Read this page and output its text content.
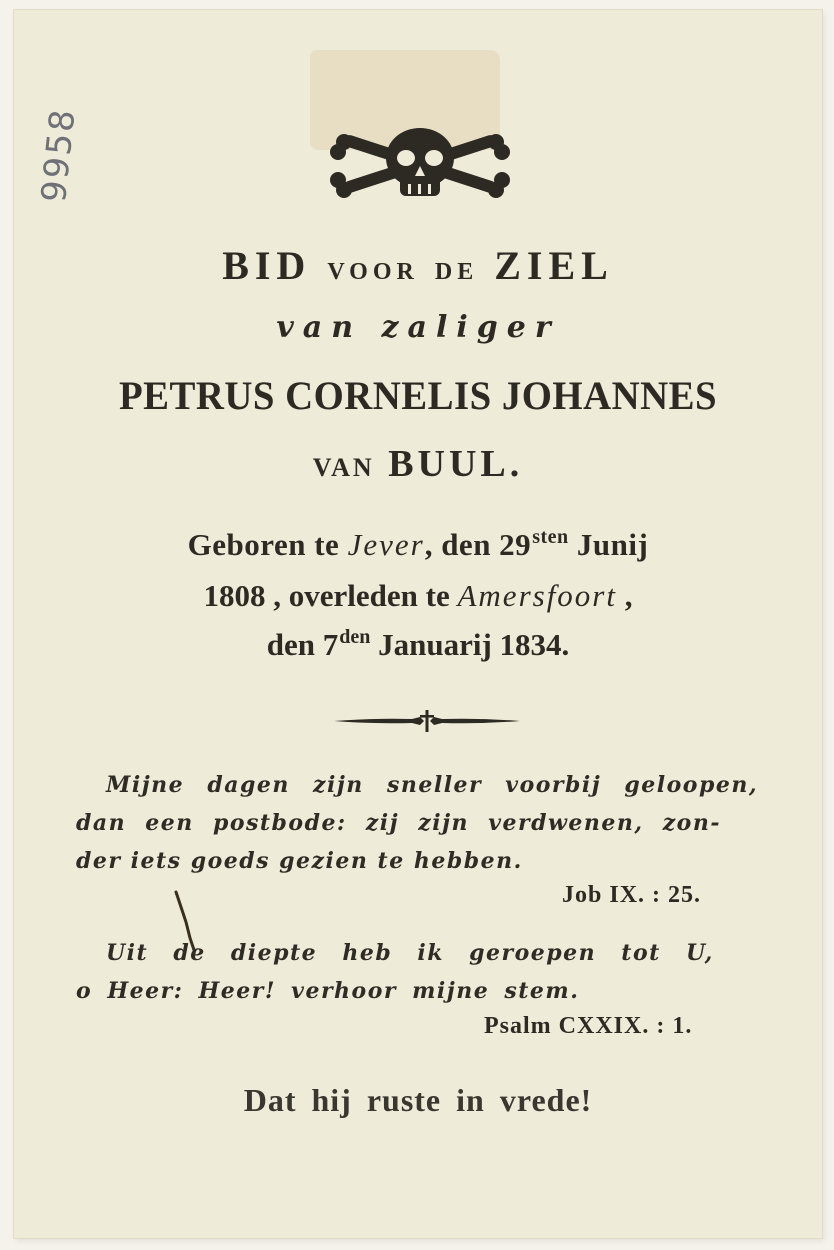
9958
BID VOOR DE ZIEL
van zaliger
PETRUS CORNELIS JOHANNES
VAN BUUL.
Geboren te Jever, den $29^{sten}$ Junij
1808 , overleden te Amersfoort ,
den $7^{den}$ Januarij 1834.
Mijne dagen zijn sneller voorbij geloopen,
dan een postbode: zij zijn verdwenen, zon-
der iets goeds gezien te hebben.
Job IX. : 25.
Uit de diepte heb ik geroepen tot U,
o Heer: Heer! verhoor mijne stem.
Psalm CXXIX. : 1.
Dat hij ruste in vrede!
